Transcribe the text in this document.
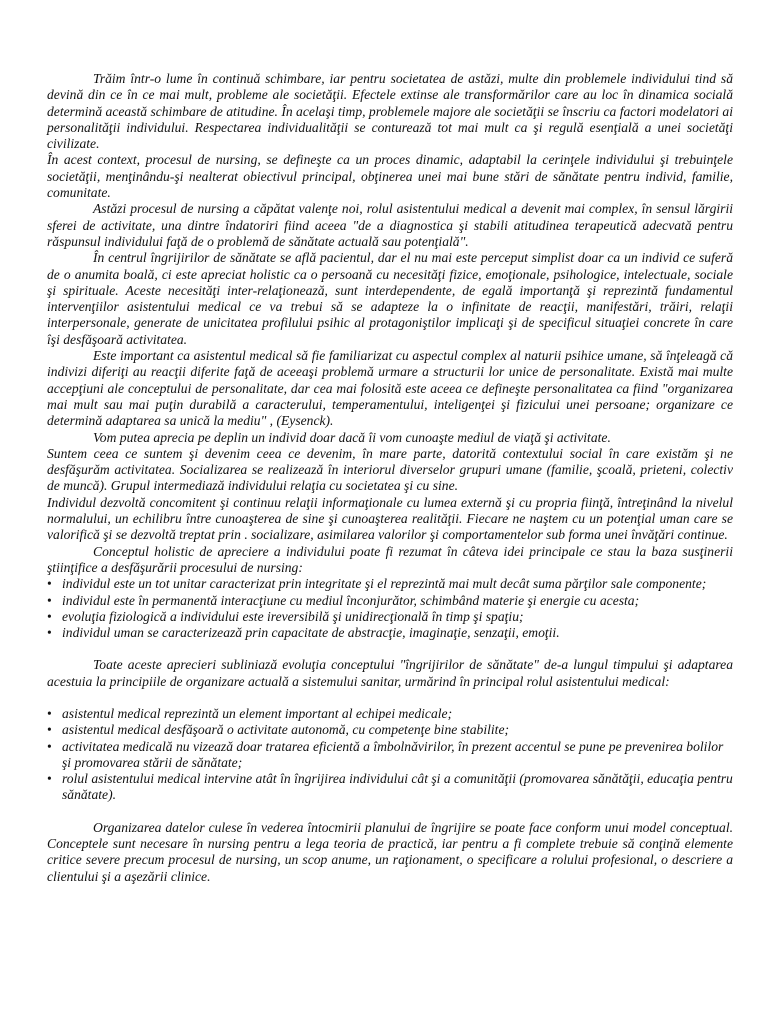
Trăim într-o lume în continuă schimbare, iar pentru societatea de astăzi, multe din problemele individului tind să devină din ce în ce mai mult, probleme ale societăţii. Efectele extinse ale transformărilor care au loc în dinamica socială determină această schimbare de atitudine. În acelaşi timp, problemele majore ale societăţii se înscriu ca factori modelatori ai personalităţii individului. Respectarea individualităţii se conturează tot mai mult ca şi regulă esenţială a unei societăţi civilizate.

În acest context, procesul de nursing, se defineşte ca un proces dinamic, adaptabil la cerinţele individului şi trebuinţele societăţii, menţinându-şi nealterat obiectivul principal, obţinerea unei mai bune stări de sănătate pentru individ, familie, comunitate.

Astăzi procesul de nursing a căpătat valenţe noi, rolul asistentului medical a devenit mai complex, în sensul lărgirii sferei de activitate, una dintre îndatoriri fiind aceea "de a diagnostica şi stabili atitudinea terapeutică adecvată pentru răspunsul individului faţă de o problemă de sănătate actuală sau potenţială".

În centrul îngrijirilor de sănătate se află pacientul, dar el nu mai este perceput simplist doar ca un individ ce suferă de o anumita boală, ci este apreciat holistic ca o persoană cu necesităţi fizice, emoţionale, psihologice, intelectuale, sociale şi spirituale. Aceste necesităţi inter-relaţionează, sunt interdependente, de egală importanţă şi reprezintă fundamentul intervenţiilor asistentului medical ce va trebui să se adapteze la o infinitate de reacţii, manifestări, trăiri, relaţii interpersonale, generate de unicitatea profilului psihic al protagoniştilor implicaţi şi de specificul situaţiei concrete în care îşi desfăşoară activitatea.

Este important ca asistentul medical să fie familiarizat cu aspectul complex al naturii psihice umane, să înţeleagă că indivizi diferiţi au reacţii diferite faţă de aceeaşi problemă urmare a structurii lor unice de personalitate. Există mai multe accepţiuni ale conceptului de personalitate, dar cea mai folosită este aceea ce defineşte personalitatea ca fiind "organizarea mai mult sau mai puţin durabilă a caracterului, temperamentului, inteligenţei şi fizicului unei persoane; organizare ce determină adaptarea sa unică la mediu" , (Eysenck).

Vom putea aprecia pe deplin un individ doar dacă îi vom cunoaşte mediul de viaţă şi activitate.

Suntem ceea ce suntem şi devenim ceea ce devenim, în mare parte, datorită contextului social în care existăm şi ne desfăşurăm activitatea. Socializarea se realizează în interiorul diverselor grupuri umane (familie, şcoală, prieteni, colectiv de muncă). Grupul intermediază individului relaţia cu societatea şi cu sine.

Individul dezvoltă concomitent şi continuu relaţii informaţionale cu lumea externă şi cu propria fiinţă, întreţinând la nivelul normalului, un echilibru între cunoaşterea de sine şi cunoaşterea realităţii. Fiecare ne naştem cu un potenţial uman care se valorifică şi se dezvoltă treptat prin . socializare, asimilarea valorilor şi comportamentelor sub forma unei învăţări continue.

Conceptul holistic de apreciere a individului poate fi rezumat în câteva idei principale ce stau la baza susţinerii ştiinţifice a desfăşurării procesului de nursing:

• individul este un tot unitar caracterizat prin integritate şi el reprezintă mai mult decât suma părţilor sale componente;
• individul este în permanentă interacţiune cu mediul înconjurător, schimbând materie şi energie cu acesta;
• evoluţia fiziologică a individului este ireversibilă şi unidirecţională în timp şi spaţiu;
• individul uman se caracterizează prin capacitate de abstracţie, imaginaţie, senzaţii, emoţii.

Toate aceste aprecieri subliniază evoluţia conceptului "îngrijirilor de sănătate" de-a lungul timpului şi adaptarea acestuia la principiile de organizare actuală a sistemului sanitar, urmărind în principal rolul asistentului medical:

• asistentul medical reprezintă un element important al echipei medicale;
• asistentul medical desfăşoară o activitate autonomă, cu competenţe bine stabilite;
• activitatea medicală nu vizează doar tratarea eficientă a îmbolnăvirilor, în prezent accentul se pune pe prevenirea bolilor şi promovarea stării de sănătate;
• rolul asistentului medical intervine atât în îngrijirea individului cât şi a comunităţii (promovarea sănătăţii, educaţia pentru sănătate).

Organizarea datelor culese în vederea întocmirii planului de îngrijire se poate face conform unui model conceptual. Conceptele sunt necesare în nursing pentru a lega teoria de practică, iar pentru a fi complete trebuie să conţină elemente critice severe precum procesul de nursing, un scop anume, un raţionament, o specificare a rolului profesional, o descriere a clientului şi a aşezării clinice.
